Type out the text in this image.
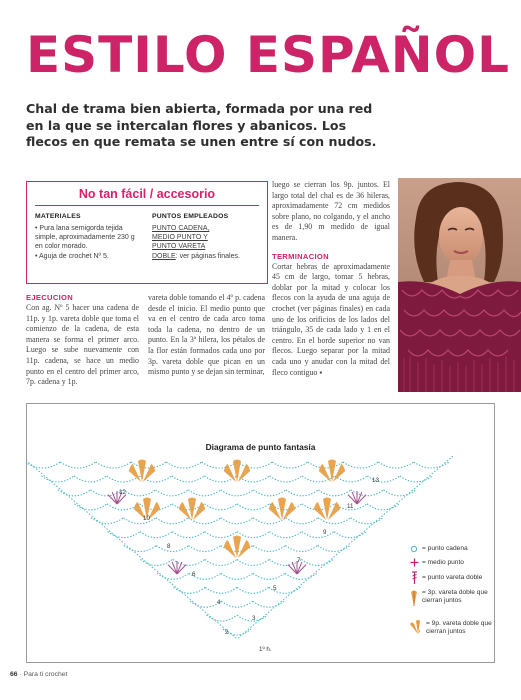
ESTILO ESPAÑOL
Chal de trama bien abierta, formada por una red en la que se intercalan flores y abanicos. Los flecos en que remata se unen entre sí con nudos.
No tan fácil / accesorio
MATERIALES

• Pura lana semigorda tejida simple, aproximadamente 230 g en color morado.

• Aguja de crochet Nº 5.

PUNTOS EMPLEADOS

PUNTO CADENA,

MEDIO PUNTO Y

PUNTO VARETA

DOBLE: ver páginas finales.

EJECUCION
Con ag. Nº 5 hacer una cadena de 11p. y 1p. vareta doble que toma el comienzo de la cadena, de esta manera se forma el primer arco. Luego se sube nuevamente con 11p. cadena, se hace un medio punto en el centro del primer arco, 7p. cadena y 1p.
vareta doble tomando el 4º p. cadena desde el inicio. El medio punto que va en el centro de cada arco toma toda la cadena, no dentro de un punto. En la 3ª hilera, los pétalos de la flor están formados cada uno por 3p. vareta doble que pican en un mismo punto y se dejan sin terminar,
luego se cierran los 9p. juntos. El largo total del chal es de 36 hileras, aproximadamente 72 cm medidos sobre plano, no colgando, y el ancho es de 1,90 m medido de igual manera.
TERMINACION
Cortar hebras de aproximadamente 45 cm de largo, tomar 5 hebras, doblar por la mitad y colocar los flecos con la ayuda de una aguja de crochet (ver páginas finales) en cada uno de los orificios de los lados del triángulo, 35 de cada lado y 1 en el centro. En el borde superior no van flecos. Luego separar por la mitad cada uno y anudar con la mitad del fleco contiguo ▪
Diagrama de punto fantasía
1º h.
2
3
4
5
6
7
8
9
10
11
12
13
= punto cadena
= medio punto
= punto vareta doble
= 3p. vareta doble que cierran juntos
= 9p. vareta doble que cierran juntos
66 · Para ti crochet
